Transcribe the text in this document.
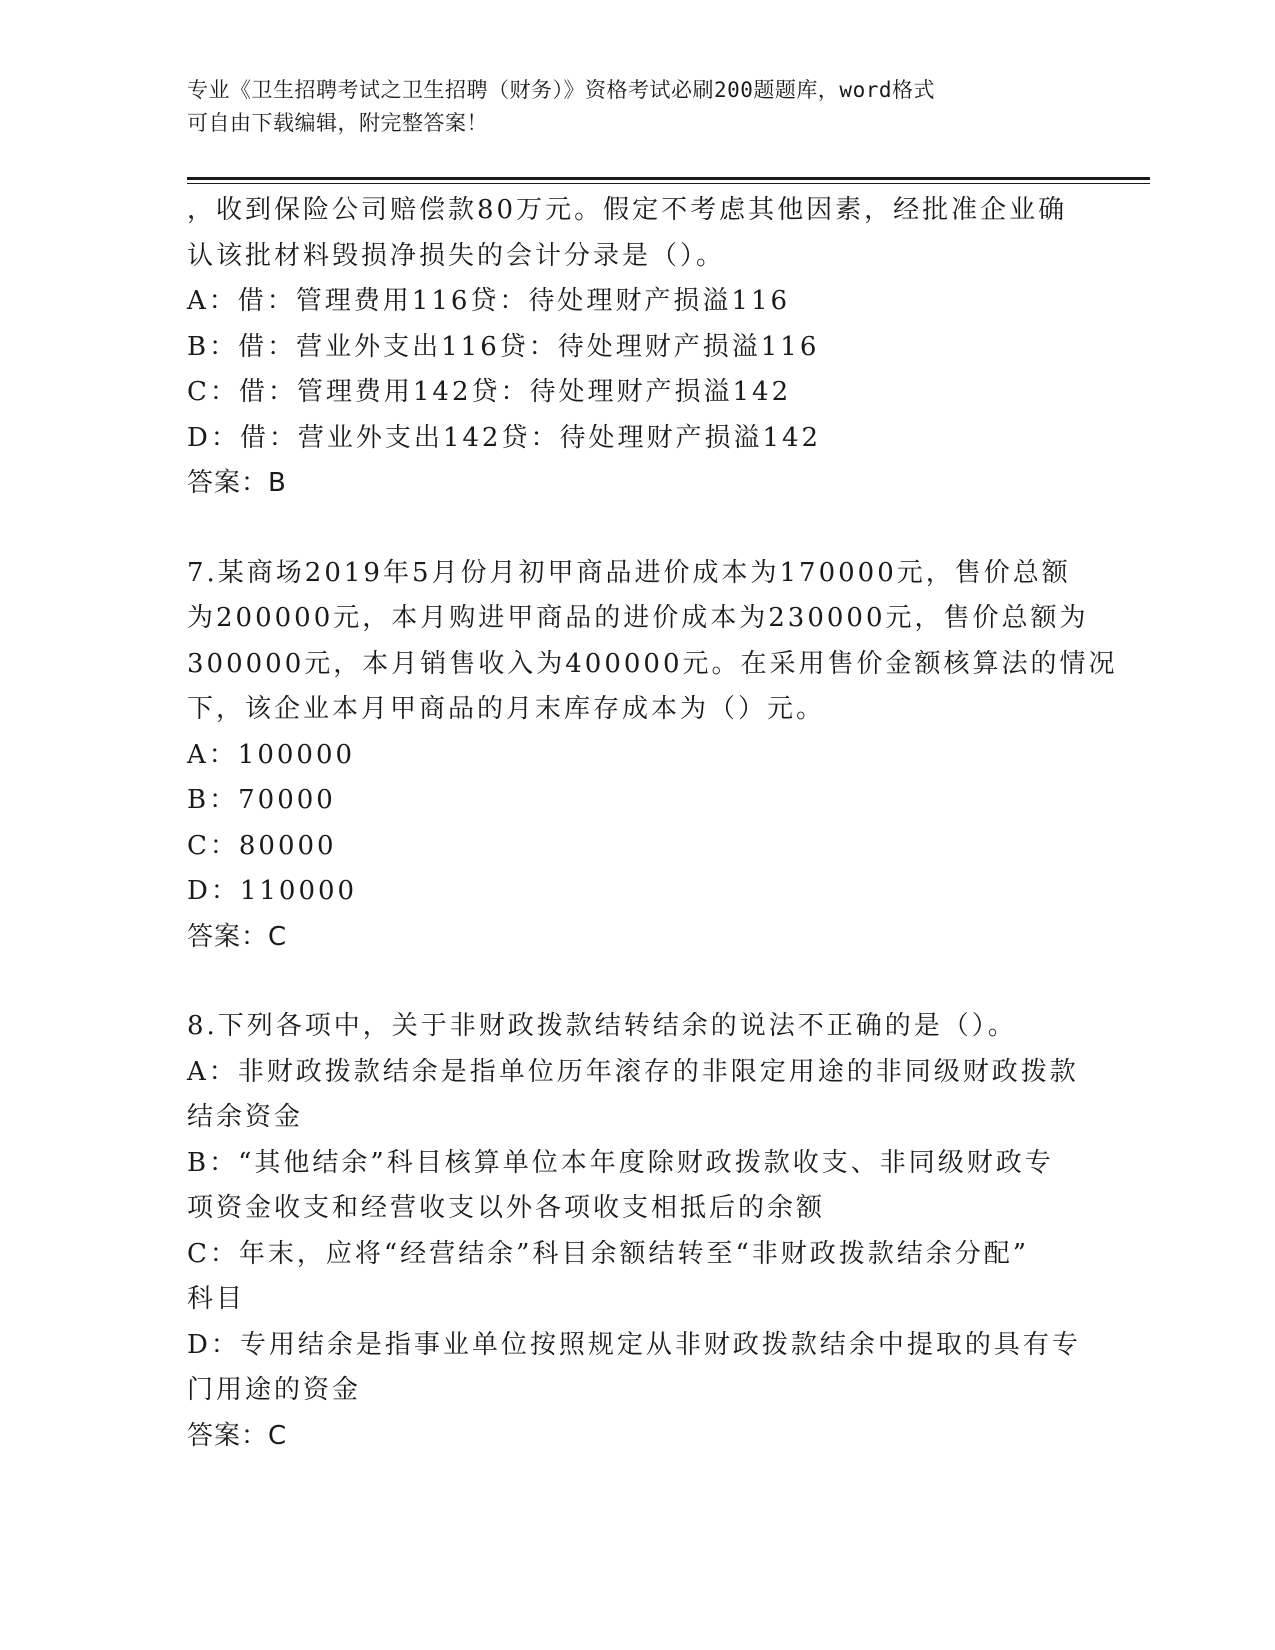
专业《卫生招聘考试之卫生招聘（财务）》资格考试必刷200题题库，word格式
可自由下载编辑，附完整答案！
，收到保险公司赔偿款80万元。假定不考虑其他因素，经批准企业确
认该批材料毁损净损失的会计分录是（）。
A：借：管理费用116贷：待处理财产损溢116
B：借：营业外支出116贷：待处理财产损溢116
C：借：管理费用142贷：待处理财产损溢142
D：借：营业外支出142贷：待处理财产损溢142
答案：B
7.某商场2019年5月份月初甲商品进价成本为170000元，售价总额
为200000元，本月购进甲商品的进价成本为230000元，售价总额为
300000元，本月销售收入为400000元。在采用售价金额核算法的情况
下，该企业本月甲商品的月末库存成本为（）元。
A：100000
B：70000
C：80000
D：110000
答案：C
8.下列各项中，关于非财政拨款结转结余的说法不正确的是（）。
A：非财政拨款结余是指单位历年滚存的非限定用途的非同级财政拨款
结余资金
B：“其他结余”科目核算单位本年度除财政拨款收支、非同级财政专
项资金收支和经营收支以外各项收支相抵后的余额
C：年末，应将“经营结余”科目余额结转至“非财政拨款结余分配”
科目
D：专用结余是指事业单位按照规定从非财政拨款结余中提取的具有专
门用途的资金
答案：C
